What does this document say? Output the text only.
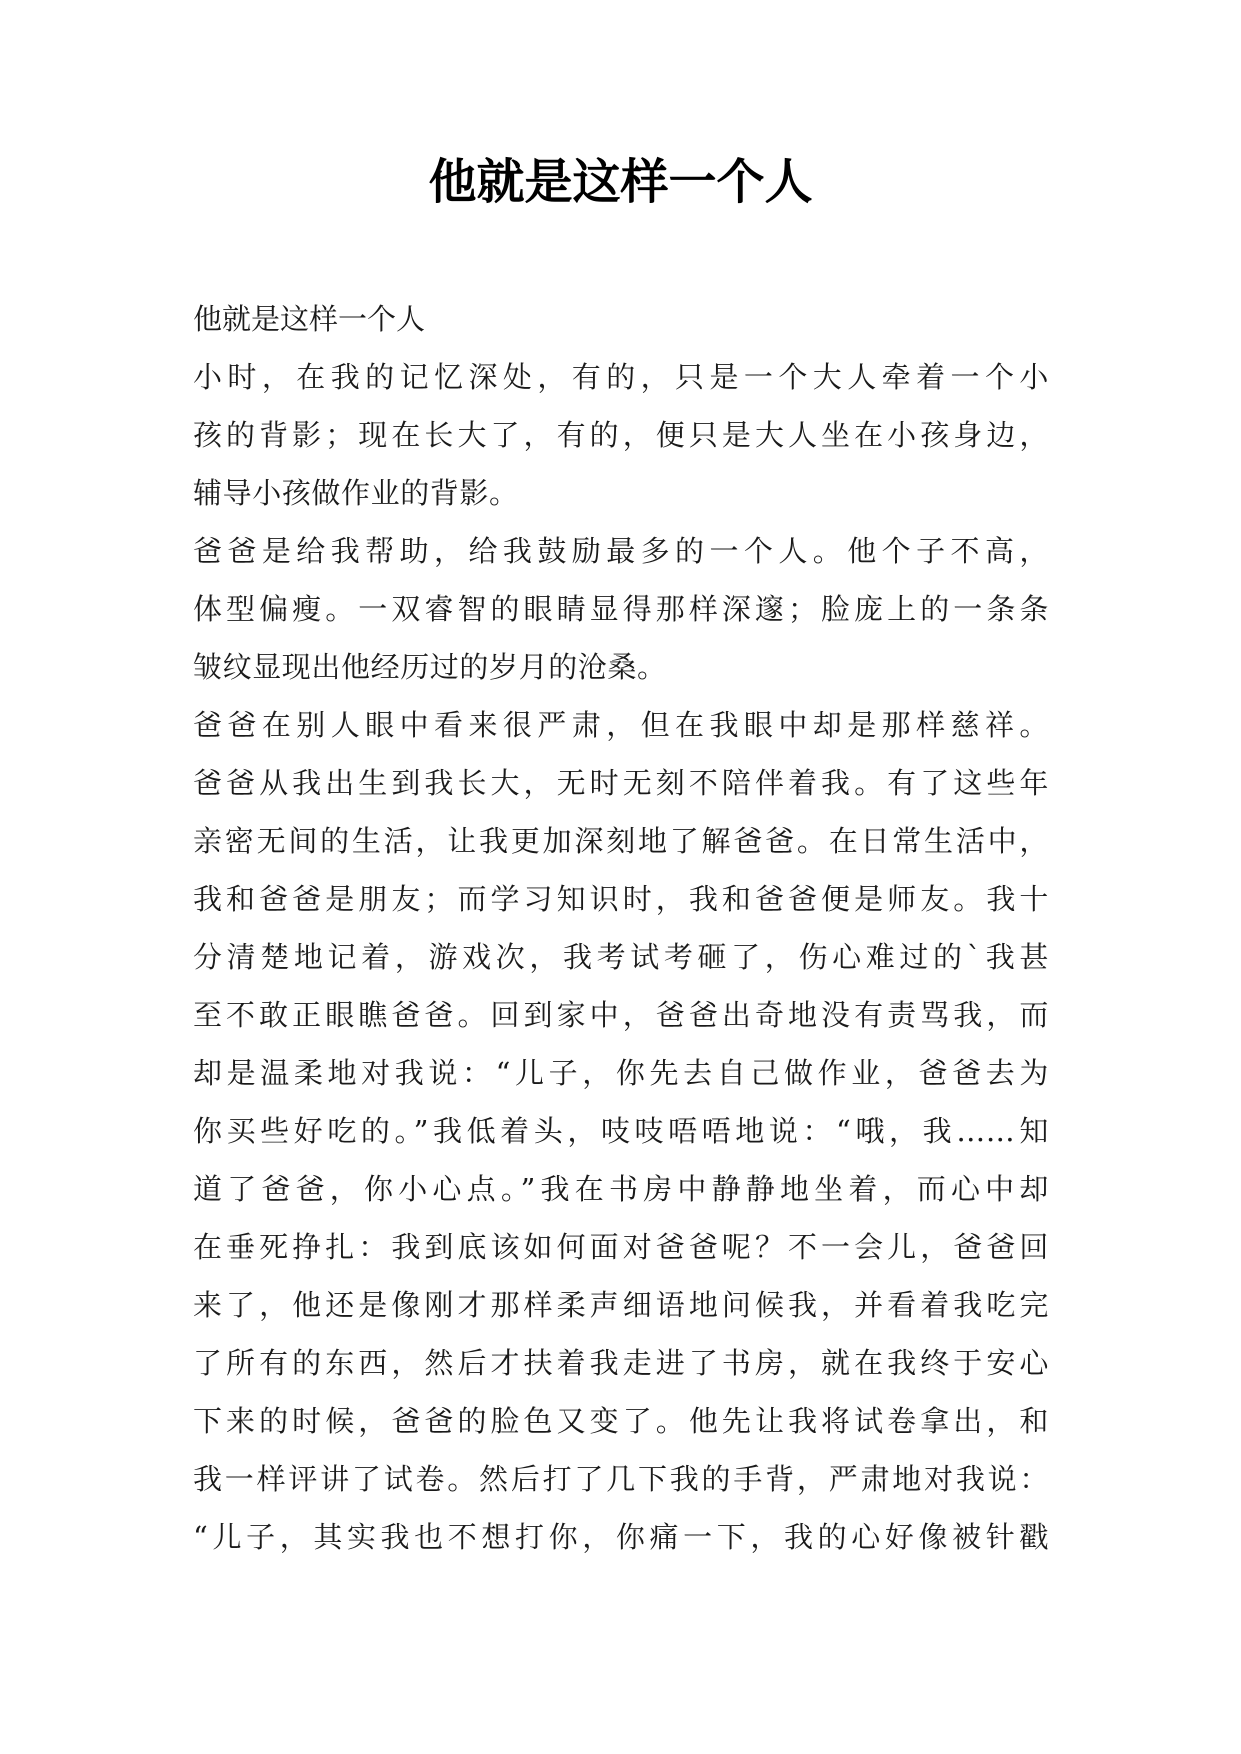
他就是这样一个人
他就是这样一个人
小时，在我的记忆深处，有的，只是一个大人牵着一个小
孩的背影；现在长大了，有的，便只是大人坐在小孩身边，
辅导小孩做作业的背影。
爸爸是给我帮助，给我鼓励最多的一个人。他个子不高，
体型偏瘦。一双睿智的眼睛显得那样深邃；脸庞上的一条条
皱纹显现出他经历过的岁月的沧桑。
爸爸在别人眼中看来很严肃，但在我眼中却是那样慈祥。
爸爸从我出生到我长大，无时无刻不陪伴着我。有了这些年
亲密无间的生活，让我更加深刻地了解爸爸。在日常生活中，
我和爸爸是朋友；而学习知识时，我和爸爸便是师友。我十
分清楚地记着，游戏次，我考试考砸了，伤心难过的`我甚
至不敢正眼瞧爸爸。回到家中，爸爸出奇地没有责骂我，而
却是温柔地对我说：“儿子，你先去自己做作业，爸爸去为
你买些好吃的。”我低着头，吱吱唔唔地说：“哦，我……知
道了爸爸，你小心点。”我在书房中静静地坐着，而心中却
在垂死挣扎：我到底该如何面对爸爸呢？不一会儿，爸爸回
来了，他还是像刚才那样柔声细语地问候我，并看着我吃完
了所有的东西，然后才扶着我走进了书房，就在我终于安心
下来的时候，爸爸的脸色又变了。他先让我将试卷拿出，和
我一样评讲了试卷。然后打了几下我的手背，严肃地对我说：
“儿子，其实我也不想打你，你痛一下，我的心好像被针戳
